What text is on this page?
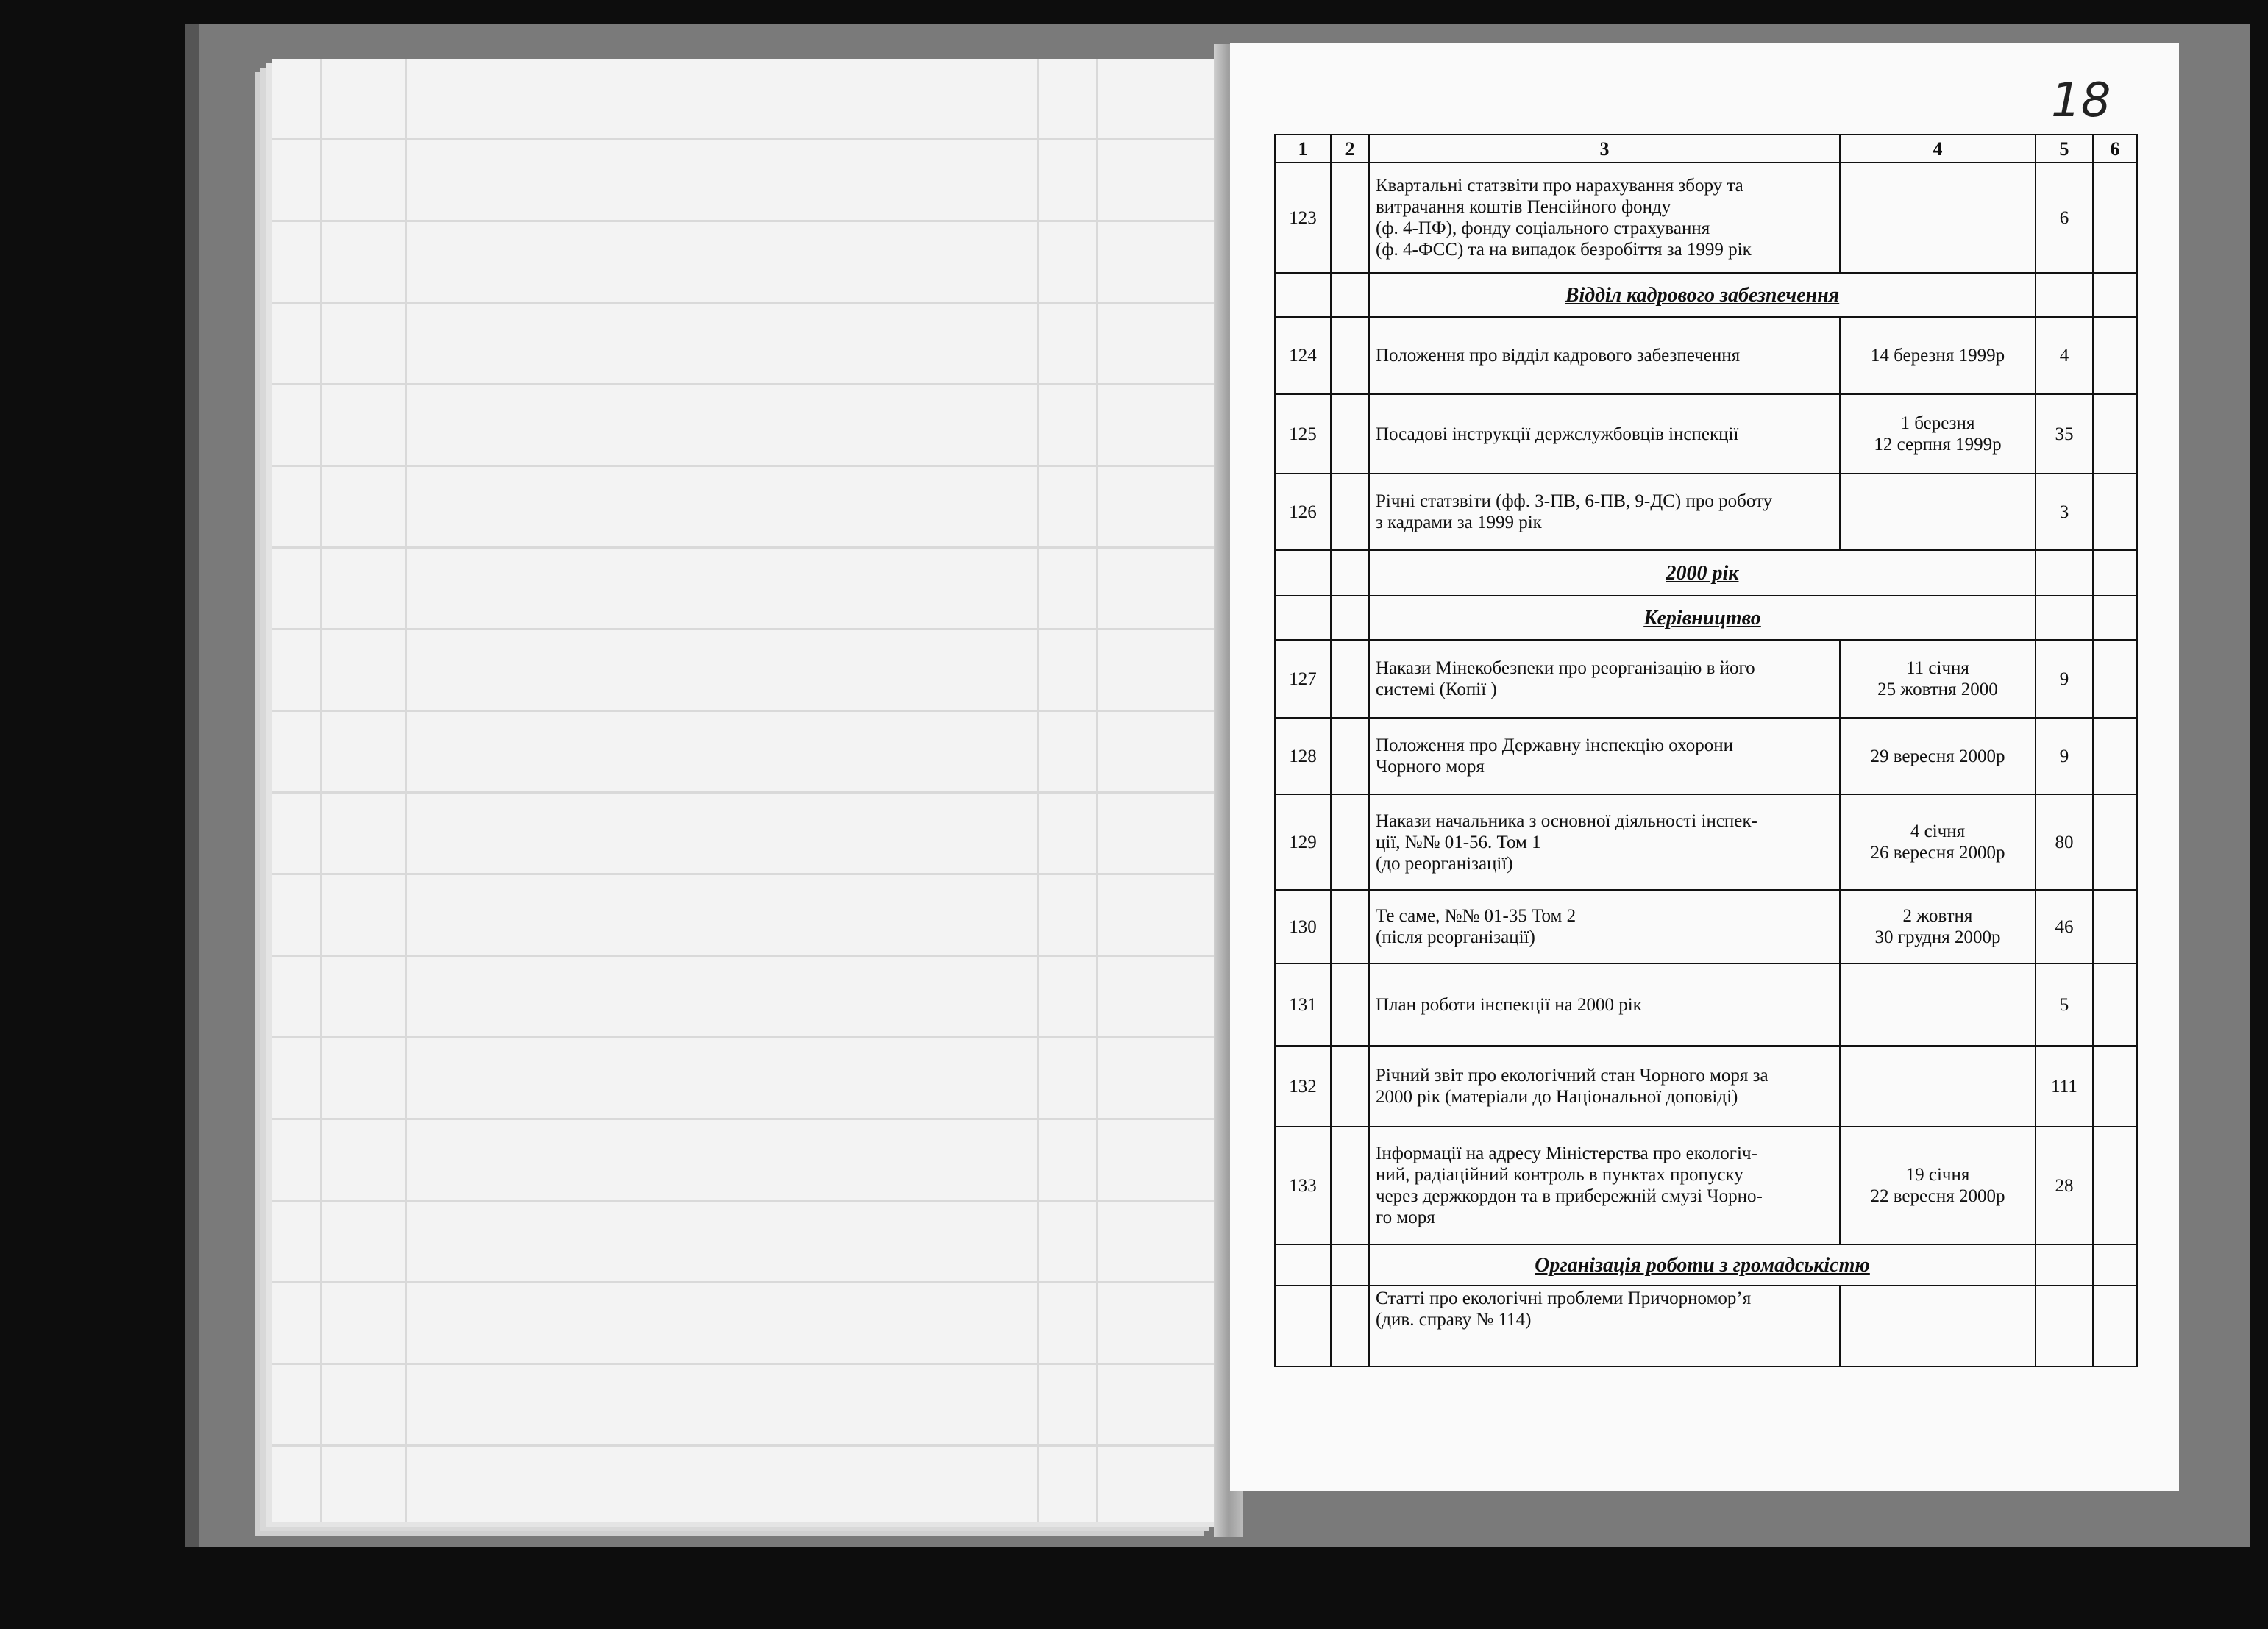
18
1	2	3	4	5	6
123		Квартальні статзвіти про нарахування збору та
витрачання коштів Пенсійного фонду
(ф. 4-ПФ), фонду соціального страхування
(ф. 4-ФСС) та на випадок безробіття за 1999 рік		6	
		Відділ кадрового забезпечення			
124		Положення про відділ кадрового забезпечення	14 березня 1999р	4	
125		Посадові інструкції держслужбовців інспекції	1 березня
12 серпня 1999р	35	
126		Річні статзвіти (фф. 3-ПВ, 6-ПВ, 9-ДС) про роботу
з кадрами за 1999 рік		3	
		2000 рік			
		Керівництво			
127		Накази Мінекобезпеки про реорганізацію в його
системі (Копії )	11 січня
25 жовтня 2000	9	
128		Положення про Державну інспекцію охорони
Чорного моря	29 вересня 2000р	9	
129		Накази начальника з основної діяльності інспек-
ції, №№ 01-56. Том 1
(до реорганізації)	4 січня
26 вересня 2000р	80	
130		Те саме, №№ 01-35 Том 2
(після реорганізації)	2 жовтня
30 грудня 2000р	46	
131		План роботи інспекції на 2000 рік		5	
132		Річний звіт про екологічний стан Чорного моря за
2000 рік (матеріали до Національної доповіді)		111	
133		Інформації на адресу Міністерства про екологіч-
ний, радіаційний контроль в пунктах пропуску
через держкордон та в прибережній смузі Чорно-
го моря	19 січня
22 вересня 2000р	28	
		Організація роботи з громадськістю			
		Статті про екологічні проблеми Причорномор’я
(див. справу № 114)			
